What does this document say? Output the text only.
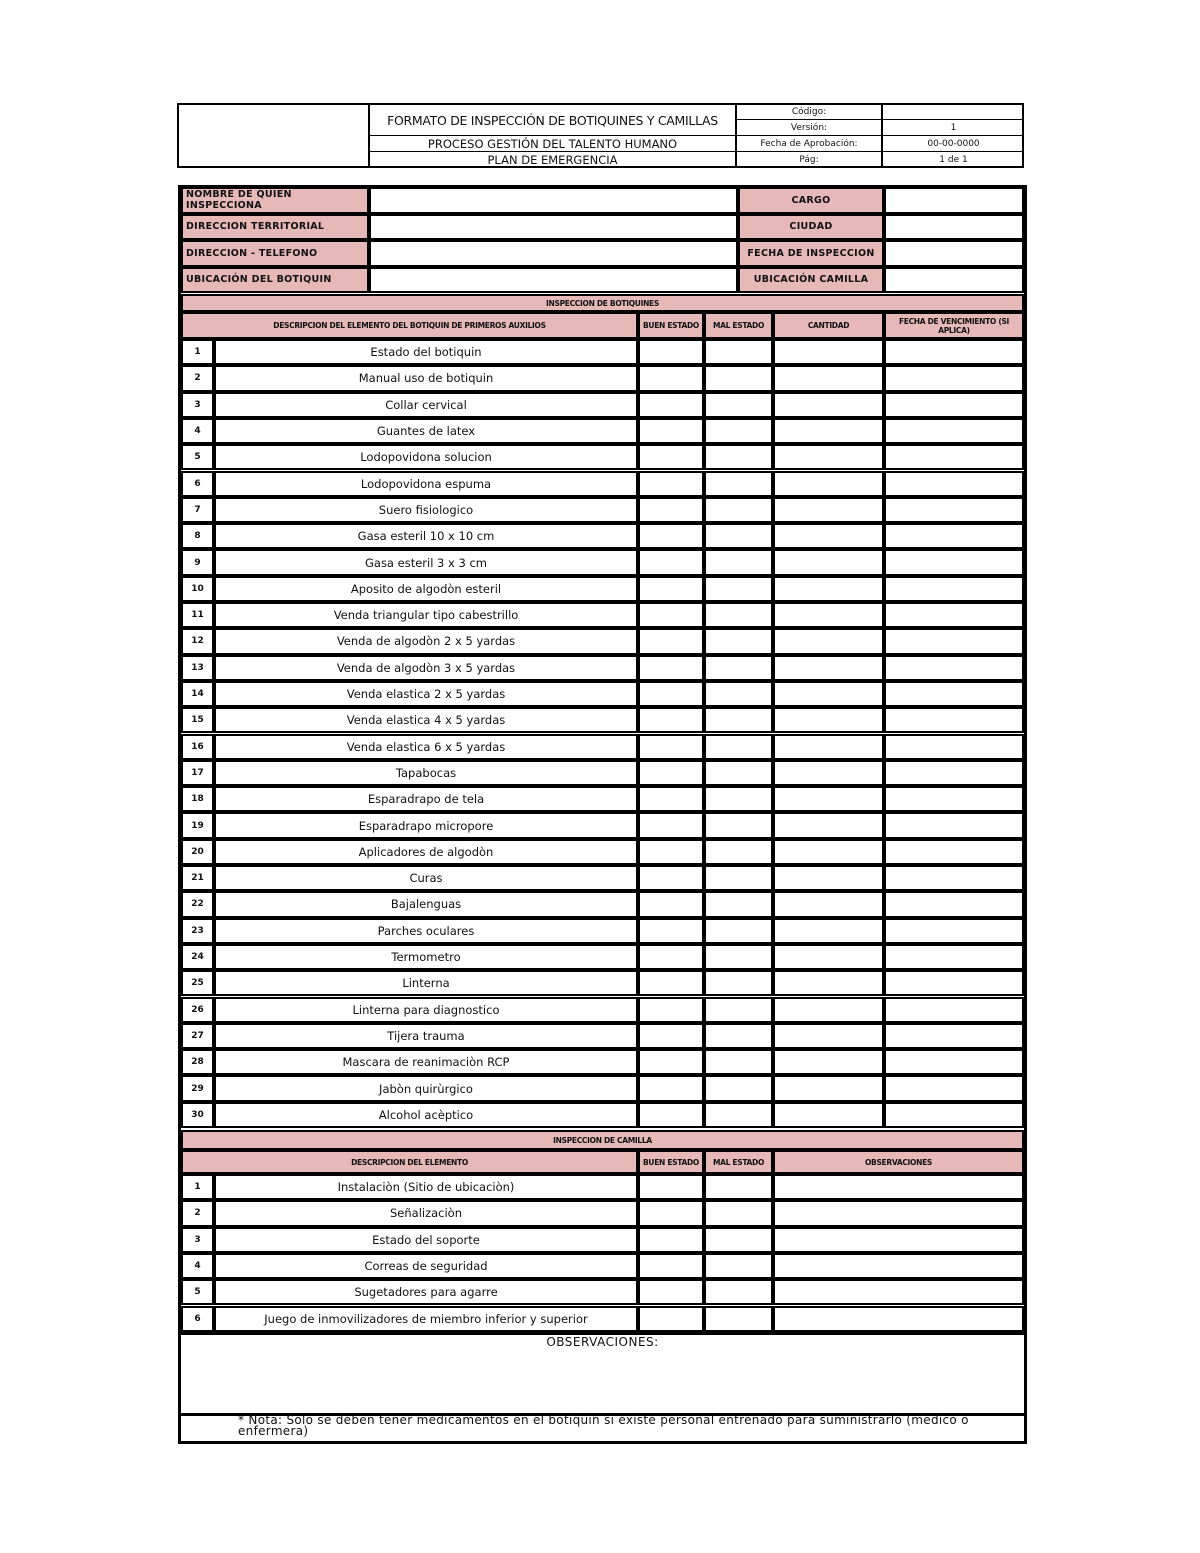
FORMATO DE INSPECCIÓN DE BOTIQUINES Y CAMILLAS
PROCESO GESTIÓN DEL TALENTO HUMANO
PLAN DE EMERGENCIA
Código:
Versión:	1
Fecha de Aprobación:	00-00-0000
Pág:	1 de 1
NOMBRE DE QUIEN INSPECCIONA	CARGO
DIRECCION TERRITORIAL	CIUDAD
DIRECCION - TELEFONO	FECHA DE INSPECCION
UBICACIÓN DEL BOTIQUIN	UBICACIÓN CAMILLA
INSPECCION DE BOTIQUINES
DESCRIPCION DEL ELEMENTO DEL BOTIQUIN DE PRIMEROS AUXILIOS	BUEN ESTADO	MAL ESTADO	CANTIDAD	FECHA DE VENCIMIENTO (SI APLICA)
1	Estado del botiquin
2	Manual uso de botiquin
3	Collar cervical
4	Guantes de latex
5	Lodopovidona solucion
6	Lodopovidona espuma
7	Suero fisiologico
8	Gasa esteril 10 x 10 cm
9	Gasa esteril 3 x 3 cm
10	Aposito de algodòn esteril
11	Venda triangular tipo cabestrillo
12	Venda de algodòn 2 x 5 yardas
13	Venda de algodòn 3 x 5 yardas
14	Venda elastica 2 x 5 yardas
15	Venda elastica 4 x 5 yardas
16	Venda elastica 6 x 5 yardas
17	Tapabocas
18	Esparadrapo de tela
19	Esparadrapo micropore
20	Aplicadores de algodòn
21	Curas
22	Bajalenguas
23	Parches oculares
24	Termometro
25	Linterna
26	Linterna para diagnostico
27	Tijera trauma
28	Mascara de reanimaciòn RCP
29	Jabòn quirùrgico
30	Alcohol acèptico
INSPECCION DE CAMILLA
DESCRIPCION DEL ELEMENTO	BUEN ESTADO	MAL ESTADO	OBSERVACIONES
1	Instalaciòn (Sitio de ubicaciòn)
2	Señalizaciòn
3	Estado del soporte
4	Correas de seguridad
5	Sugetadores para agarre
6	Juego de inmovilizadores de miembro inferior y superior
OBSERVACIONES:
* Nota: Solo se deben tener medicamentos en el botiquin si existe personal entrenado para suministrarlo (médico o enfermera)
